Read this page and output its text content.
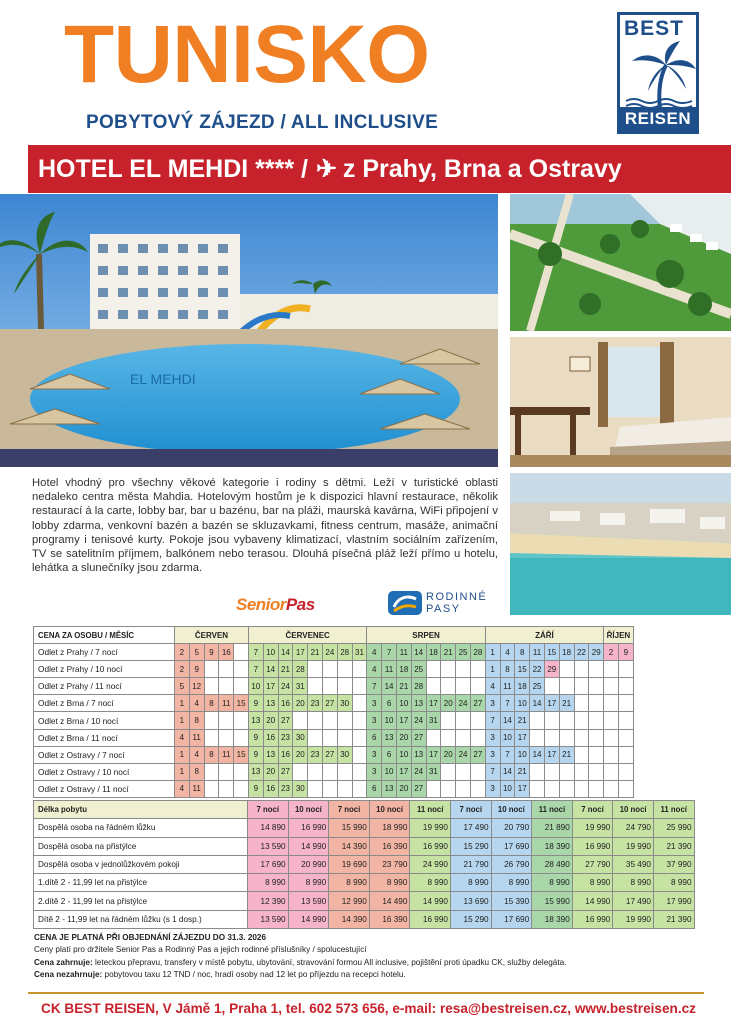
TUNISKO
POBYTOVÝ ZÁJEZD / ALL INCLUSIVE
BEST
REISEN
HOTEL EL MEHDI **** / ✈ z Prahy, Brna a Ostravy
EL MEHDI
Hotel vhodný pro všechny věkové kategorie i rodiny s dětmi. Leží v turistické oblasti nedaleko centra města Mahdia. Hotelovým hostům je k dispozici hlavní restaurace, několik restaurací á la carte, lobby bar, bar u bazénu, bar na pláži, maurská kavárna, WiFi připojení v lobby zdarma, venkovní bazén a bazén se skluzavkami, fitness centrum, masáže, animační programy i tenisové kurty. Pokoje jsou vybaveny klimatizací, vlastním sociálním zařízením, TV se satelitním příjmem, balkónem nebo terasou. Dlouhá písečná pláž leží přímo u hotelu, lehátka a slunečníky jsou zdarma.
SeniorPas	RODINNÉ
PASY
CENA ZA OSOBU / MĚSÍC	ČERVEN					ČERVENEC								SRPEN								ZÁŘÍ								ŘÍJEN	
Odlet z Prahy / 7 nocí	2	5	9	16		7	10	14	17	21	24	28	31	4	7	11	14	18	21	25	28	1	4	8	11	15	18	22	29	2	9
Odlet z Prahy / 10 nocí	2	9				7	14	21	28					4	11	18	25					1	8	15	22	29					
Odlet z Prahy / 11 nocí	5	12				10	17	24	31					7	14	21	28					4	11	18	25						
Odlet z Brna / 7 nocí	1	4	8	11	15	9	13	16	20	23	27	30		3	6	10	13	17	20	24	27	3	7	10	14	17	21				
Odlet z Brna / 10 nocí	1	8				13	20	27						3	10	17	24	31				7	14	21							
Odlet z Brna / 11 nocí	4	11				9	16	23	30					6	13	20	27					3	10	17							
Odlet z Ostravy / 7 nocí	1	4	8	11	15	9	13	16	20	23	27	30		3	6	10	13	17	20	24	27	3	7	10	14	17	21				
Odlet z Ostravy / 10 nocí	1	8				13	20	27						3	10	17	24	31				7	14	21							
Odlet z Ostravy / 11 nocí	4	11				9	16	23	30					6	13	20	27					3	10	17							
Délka pobytu	7 nocí	10 nocí	7 nocí	10 nocí	11 nocí	7 nocí	10 nocí	11 nocí	7 nocí	10 nocí	11 nocí
Dospělá osoba na řádném lůžku	14 890	16 990	15 990	18 990	19 990	17 490	20 790	21 890	19 990	24 790	25 990
Dospělá osoba na přistýlce	13 590	14 990	14 390	16 390	16 990	15 290	17 690	18 390	16 990	19 990	21 390
Dospělá osoba v jednolůžkovém pokoji	17 690	20 990	19 690	23 790	24 990	21 790	26 790	28 490	27 790	35 490	37 990
1.dítě 2 - 11,99 let na přistýlce	8 990	8 990	8 990	8 990	8 990	8 990	8 990	8 990	8 990	8 990	8 990
2.dítě 2 - 11,99 let na přistýlce	12 390	13 590	12 990	14 490	14 990	13 690	15 390	15 990	14 990	17 490	17 990
Dítě 2 - 11,99 let na řádném lůžku (s 1 dosp.)	13 590	14 990	14 390	16 390	16 990	15 290	17 690	18 390	16 990	19 990	21 390
CENA JE PLATNÁ PŘI OBJEDNÁNÍ ZÁJEZDU DO 31.3. 2026
Ceny platí pro držitele Senior Pas a Rodinný Pas a jejich rodinné příslušníky / spolucestující
Cena zahrnuje: leteckou přepravu, transfery v místě pobytu, ubytování, stravování formou All inclusive, pojištění proti úpadku CK, služby delegáta.
Cena nezahrnuje: pobytovou taxu 12 TND / noc, hradí osoby nad 12 let po příjezdu na recepci hotelu.
CK BEST REISEN, V Jámě 1, Praha 1, tel. 602 573 656, e-mail: resa@bestreisen.cz, www.bestreisen.cz
